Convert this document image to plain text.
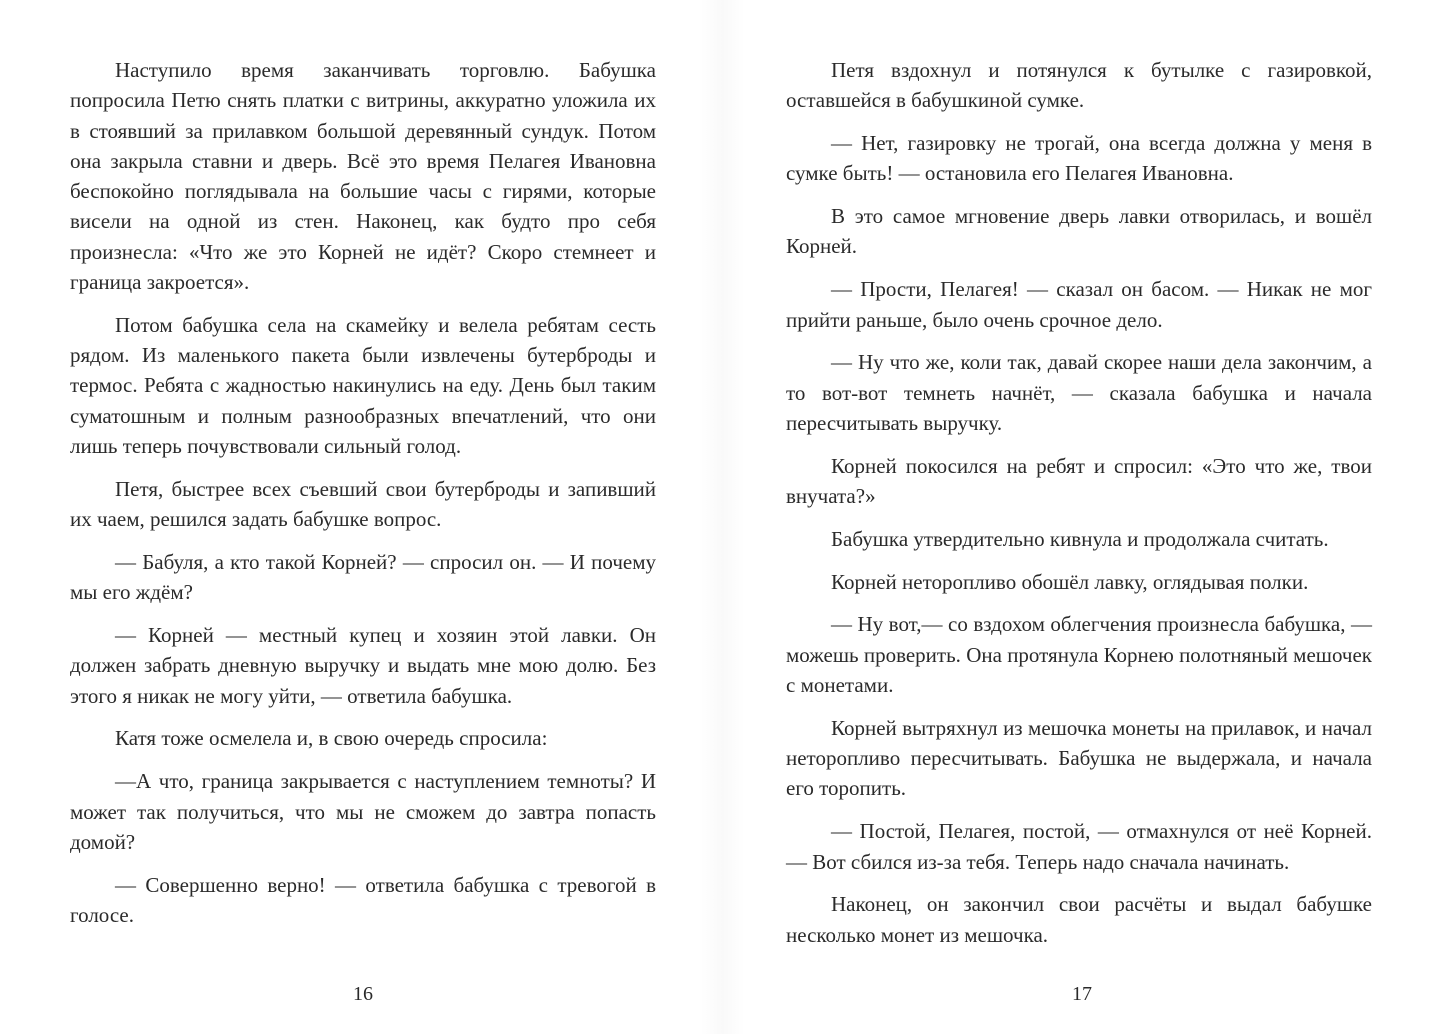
Наступило время заканчивать торговлю. Бабушка попросила Петю снять платки с витрины, аккуратно уложила их в стоявший за прилавком большой деревянный сундук. Потом она закрыла ставни и дверь. Всё это время Пелагея Ивановна беспокойно поглядывала на большие часы с гирями, которые висели на одной из стен. Наконец, как будто про себя произнесла: «Что же это Корней не идёт? Скоро стемнеет и граница закроется».

Потом бабушка села на скамейку и велела ребятам сесть рядом. Из маленького пакета были извлечены бутерброды и термос. Ребята с жадностью накинулись на еду. День был таким суматошным и полным разнообразных впечатлений, что они лишь теперь почувствовали сильный голод.

Петя, быстрее всех съевший свои бутерброды и запивший их чаем, решился задать бабушке вопрос.

— Бабуля, а кто такой Корней? — спросил он. — И почему мы его ждём?

— Корней — местный купец и хозяин этой лавки. Он должен забрать дневную выручку и выдать мне мою долю. Без этого я никак не могу уйти, — ответила бабушка.

Катя тоже осмелела и, в свою очередь спросила:

—А что, граница закрывается с наступлением темноты? И может так получиться, что мы не сможем до завтра попасть домой?

— Совершенно верно! — ответила бабушка с тревогой в голосе.

Петя вздохнул и потянулся к бутылке с газировкой, оставшейся в бабушкиной сумке.

— Нет, газировку не трогай, она всегда должна у меня в сумке быть! — остановила его Пелагея Ивановна.

В это самое мгновение дверь лавки отворилась, и вошёл Корней.

— Прости, Пелагея! — сказал он басом. — Никак не мог прийти раньше, было очень срочное дело.

— Ну что же, коли так, давай скорее наши дела закончим, а то вот-вот темнеть начнёт, — сказала бабушка и начала пересчитывать выручку.

Корней покосился на ребят и спросил: «Это что же, твои внучата?»

Бабушка утвердительно кивнула и продолжала считать.

Корней неторопливо обошёл лавку, оглядывая полки.

— Ну вот,— со вздохом облегчения произнесла бабушка, — можешь проверить. Она протянула Корнею полотняный мешочек с монетами.

Корней вытряхнул из мешочка монеты на прилавок, и начал неторопливо пересчитывать. Бабушка не выдержала, и начала его торопить.

— Постой, Пелагея, постой, — отмахнулся от неё Корней. — Вот сбился из-за тебя. Теперь надо сначала начинать.

Наконец, он закончил свои расчёты и выдал бабушке несколько монет из мешочка.

16	17
